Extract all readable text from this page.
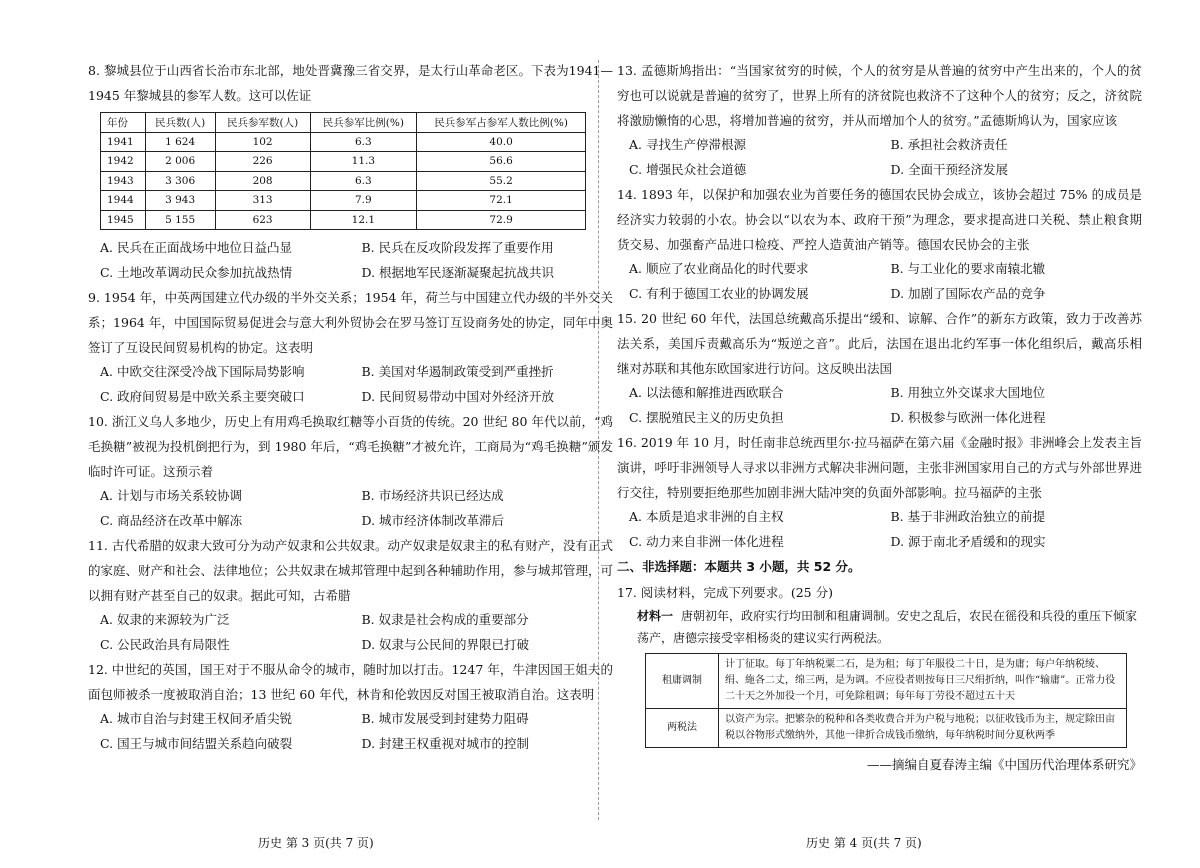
8. 黎城县位于山西省长治市东北部，地处晋冀豫三省交界，是太行山革命老区。下表为1941—1945 年黎城县的参军人数。这可以佐证

年份	民兵数(人)	民兵参军数(人)	民兵参军比例(%)	民兵参军占参军人数比例(%)
1941	1 624	102	6.3	40.0
1942	2 006	226	11.3	56.6
1943	3 306	208	6.3	55.2
1944	3 943	313	7.9	72.1
1945	5 155	623	12.1	72.9
A. 民兵在正面战场中地位日益凸显	B. 民兵在反攻阶段发挥了重要作用
C. 土地改革调动民众参加抗战热情	D. 根据地军民逐渐凝聚起抗战共识

9. 1954 年，中英两国建立代办级的半外交关系；1954 年，荷兰与中国建立代办级的半外交关系；1964 年，中国国际贸易促进会与意大利外贸协会在罗马签订互设商务处的协定，同年中奥签订了互设民间贸易机构的协定。这表明

A. 中欧交往深受冷战下国际局势影响	B. 美国对华遏制政策受到严重挫折
C. 政府间贸易是中欧关系主要突破口	D. 民间贸易带动中国对外经济开放

10. 浙江义乌人多地少，历史上有用鸡毛换取红糖等小百货的传统。20 世纪 80 年代以前，“鸡毛换糖”被视为投机倒把行为，到 1980 年后，“鸡毛换糖”才被允许，工商局为“鸡毛换糖”颁发临时许可证。这预示着

A. 计划与市场关系较协调	B. 市场经济共识已经达成
C. 商品经济在改革中解冻	D. 城市经济体制改革滞后

11. 古代希腊的奴隶大致可分为动产奴隶和公共奴隶。动产奴隶是奴隶主的私有财产，没有正式的家庭、财产和社会、法律地位；公共奴隶在城邦管理中起到各种辅助作用，参与城邦管理，可以拥有财产甚至自己的奴隶。据此可知，古希腊

A. 奴隶的来源较为广泛	B. 奴隶是社会构成的重要部分
C. 公民政治具有局限性	D. 奴隶与公民间的界限已打破

12. 中世纪的英国，国王对于不服从命令的城市，随时加以打击。1247 年，牛津因国王姐夫的面包师被杀一度被取消自治；13 世纪 60 年代，林肯和伦敦因反对国王被取消自治。这表明

A. 城市自治与封建王权间矛盾尖锐	B. 城市发展受到封建势力阻碍
C. 国王与城市间结盟关系趋向破裂	D. 封建王权重视对城市的控制

13. 孟德斯鸠指出：“当国家贫穷的时候，个人的贫穷是从普遍的贫穷中产生出来的，个人的贫穷也可以说就是普遍的贫穷了，世界上所有的济贫院也救济不了这种个人的贫穷；反之，济贫院将激励懒惰的心思，将增加普遍的贫穷，并从而增加个人的贫穷。”孟德斯鸠认为，国家应该

A. 寻找生产停滞根源	B. 承担社会救济责任
C. 增强民众社会道德	D. 全面干预经济发展

14. 1893 年，以保护和加强农业为首要任务的德国农民协会成立，该协会超过 75% 的成员是经济实力较弱的小农。协会以“以农为本、政府干预”为理念，要求提高进口关税、禁止粮食期货交易、加强畜产品进口检疫、严控人造黄油产销等。德国农民协会的主张

A. 顺应了农业商品化的时代要求	B. 与工业化的要求南辕北辙
C. 有利于德国工农业的协调发展	D. 加剧了国际农产品的竞争

15. 20 世纪 60 年代，法国总统戴高乐提出“缓和、谅解、合作”的新东方政策，致力于改善苏法关系，美国斥责戴高乐为“叛逆之音”。此后，法国在退出北约军事一体化组织后，戴高乐相继对苏联和其他东欧国家进行访问。这反映出法国

A. 以法德和解推进西欧联合	B. 用独立外交谋求大国地位
C. 摆脱殖民主义的历史负担	D. 积极参与欧洲一体化进程

16. 2019 年 10 月，时任南非总统西里尔·拉马福萨在第六届《金融时报》非洲峰会上发表主旨演讲，呼吁非洲领导人寻求以非洲方式解决非洲问题，主张非洲国家用自己的方式与外部世界进行交往，特别要拒绝那些加剧非洲大陆冲突的负面外部影响。拉马福萨的主张

A. 本质是追求非洲的自主权	B. 基于非洲政治独立的前提
C. 动力来自非洲一体化进程	D. 源于南北矛盾缓和的现实

二、非选择题：本题共 3 小题，共 52 分。

17. 阅读材料，完成下列要求。(25 分)

材料一 唐朝初年，政府实行均田制和租庸调制。安史之乱后，农民在徭役和兵役的重压下倾家荡产，唐德宗接受宰相杨炎的建议实行两税法。

租庸调制	计丁征取。每丁年纳税粟二石，是为租；每丁年服役二十日，是为庸；每户年纳税绫、绢、絁各二丈，绵三两，是为调。不应役者则按每日三尺绢折纳，叫作“输庸”。正常力役二十天之外加役一个月，可免除租调；每年每丁劳役不超过五十天
两税法	以资产为宗。把繁杂的税种和各类收费合并为户税与地税；以征收钱币为主，规定除田亩税以谷物形式缴纳外，其他一律折合成钱币缴纳，每年纳税时间分夏秋两季
——摘编自夏春涛主编《中国历代治理体系研究》
历史 第 3 页(共 7 页)	历史 第 4 页(共 7 页)
